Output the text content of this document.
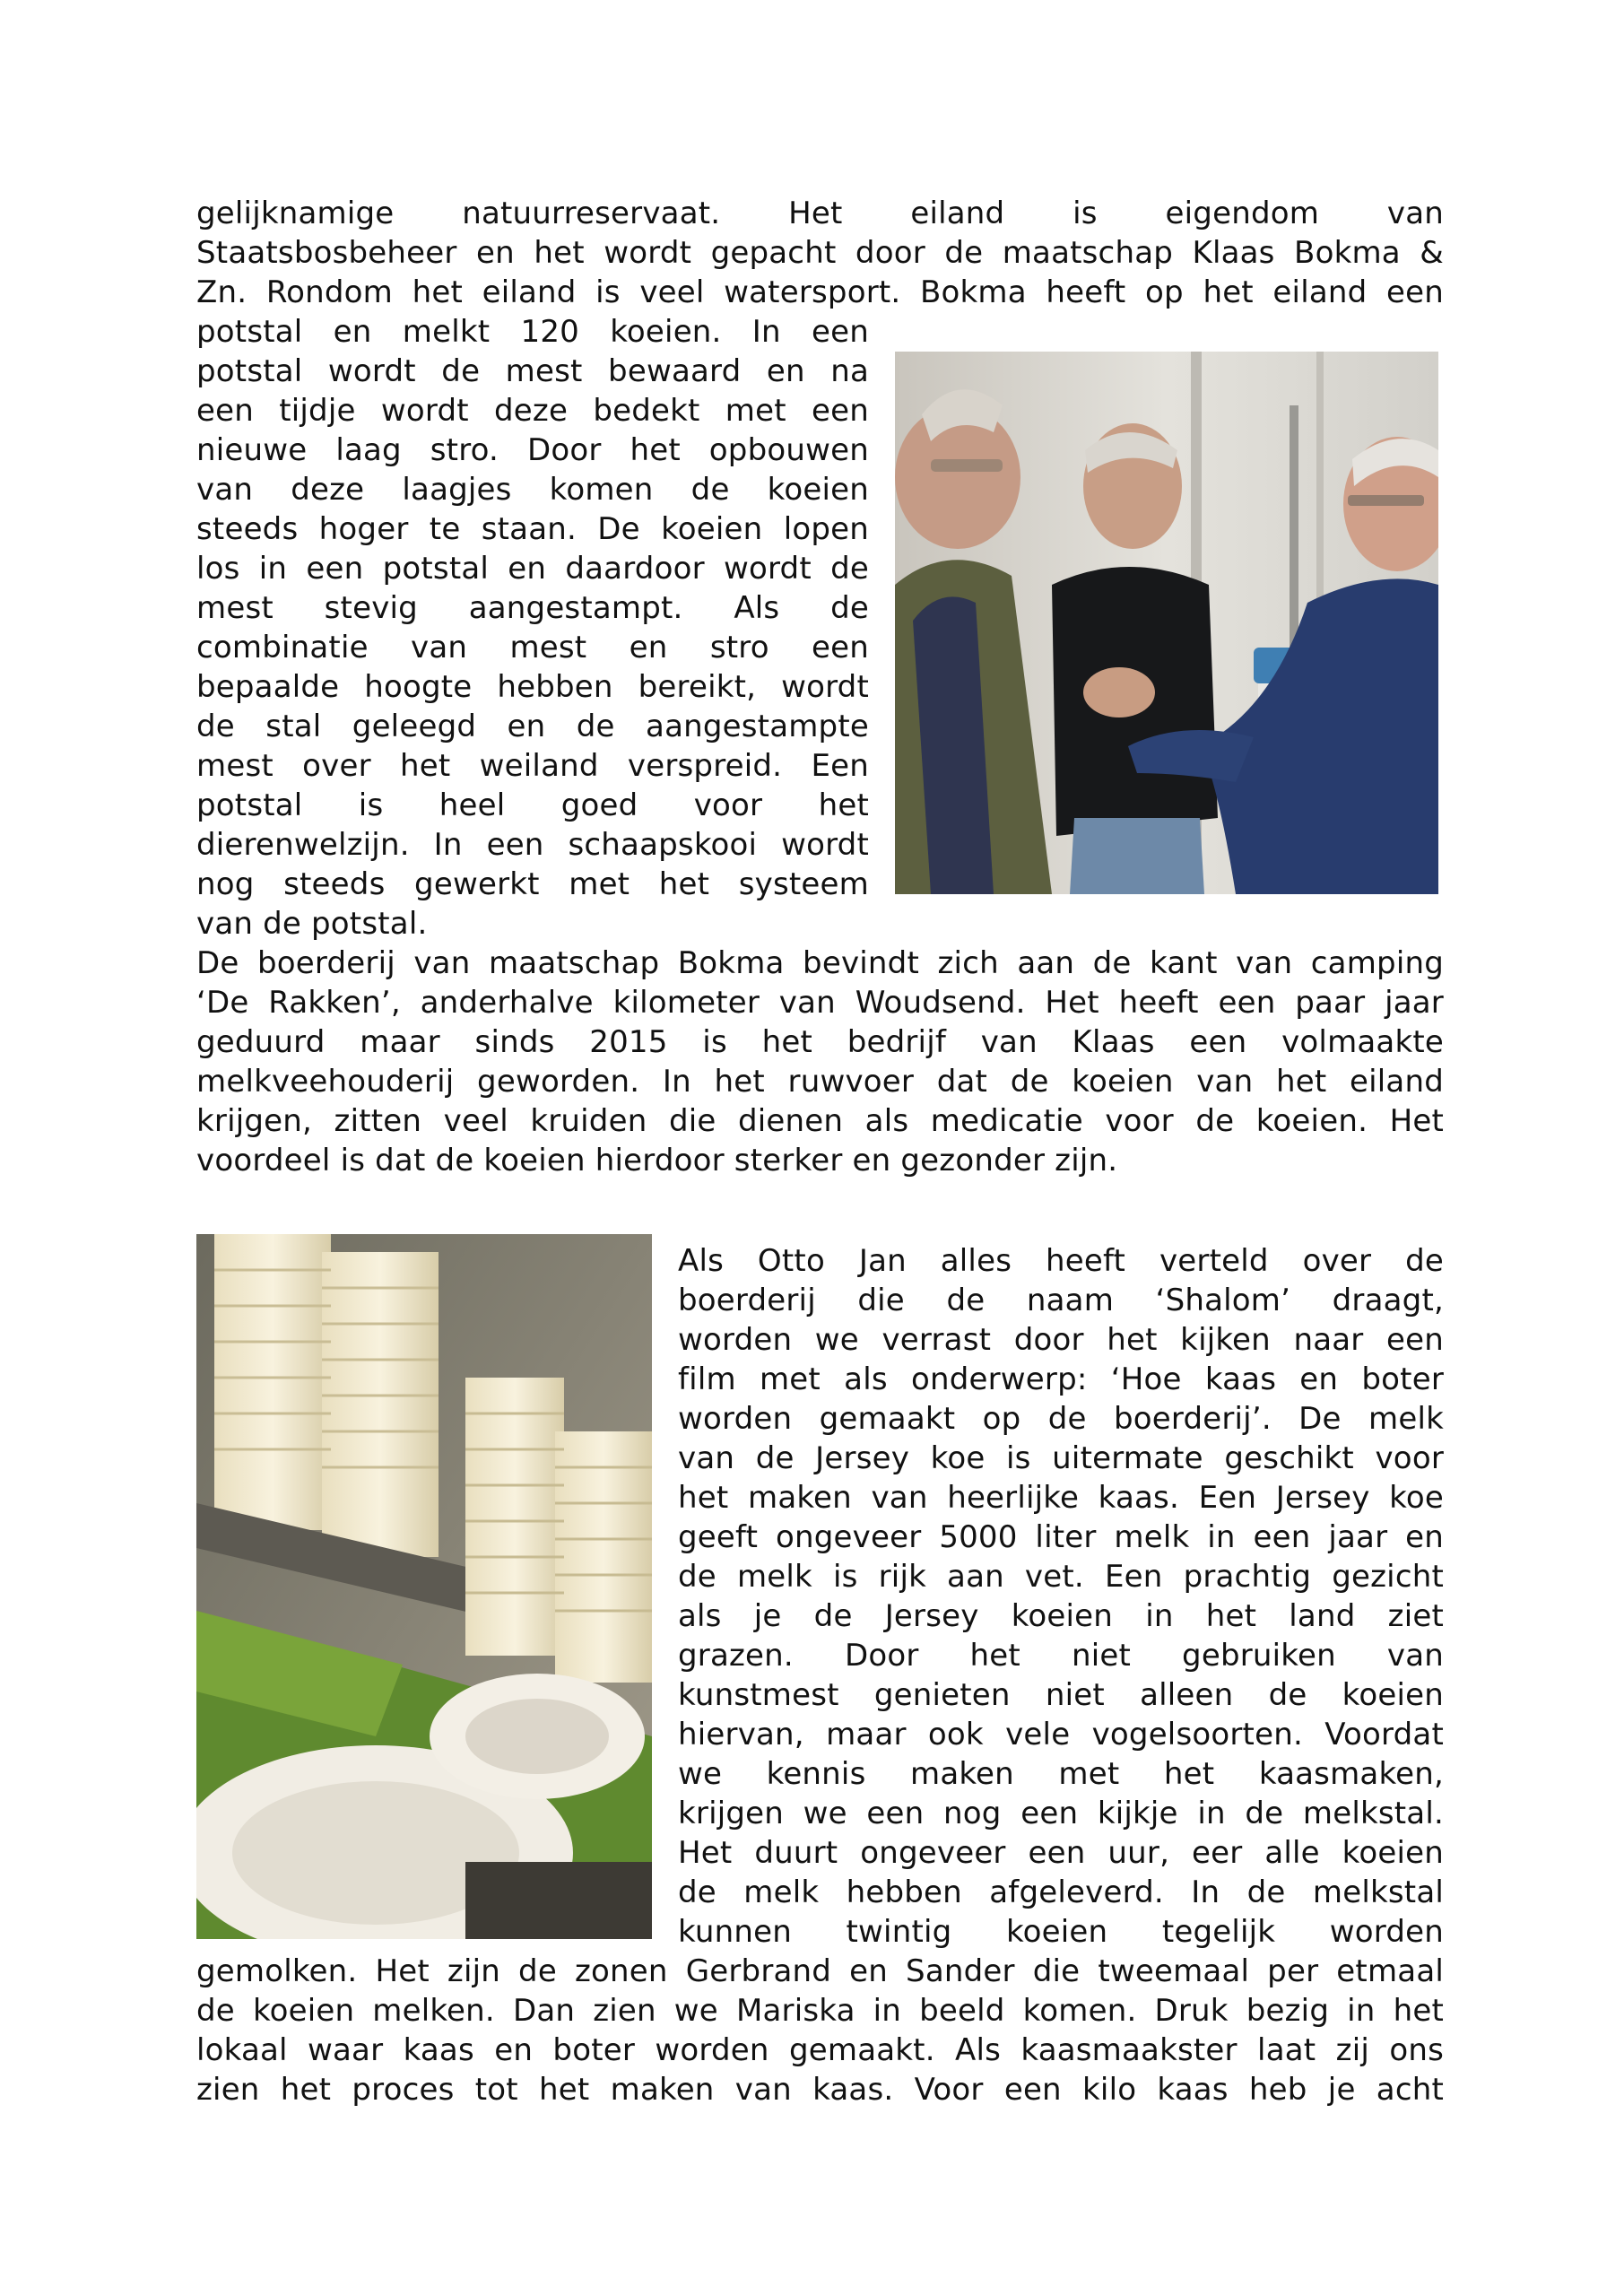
gelijknamige natuurreservaat. Het eiland is eigendom van
Staatsbosbeheer en het wordt gepacht door de maatschap Klaas Bokma &
Zn. Rondom het eiland is veel watersport. Bokma heeft op het eiland een
potstal en melkt 120 koeien. In een
potstal wordt de mest bewaard en na
een tijdje wordt deze bedekt met een
nieuwe laag stro. Door het opbouwen
van deze laagjes komen de koeien
steeds hoger te staan. De koeien lopen
los in een potstal en daardoor wordt de
mest stevig aangestampt. Als de
combinatie van mest en stro een
bepaalde hoogte hebben bereikt, wordt
de stal geleegd en de aangestampte
mest over het weiland verspreid. Een
potstal is heel goed voor het
dierenwelzijn. In een schaapskooi wordt
nog steeds gewerkt met het systeem
van de potstal.
De boerderij van maatschap Bokma bevindt zich aan de kant van camping
‘De Rakken’, anderhalve kilometer van Woudsend. Het heeft een paar jaar
geduurd maar sinds 2015 is het bedrijf van Klaas een volmaakte
melkveehouderij geworden. In het ruwvoer dat de koeien van het eiland
krijgen, zitten veel kruiden die dienen als medicatie voor de koeien. Het
voordeel is dat de koeien hierdoor sterker en gezonder zijn.
Als Otto Jan alles heeft verteld over de
boerderij die de naam ‘Shalom’ draagt,
worden we verrast door het kijken naar een
film met als onderwerp: ‘Hoe kaas en boter
worden gemaakt op de boerderij’. De melk
van de Jersey koe is uitermate geschikt voor
het maken van heerlijke kaas. Een Jersey koe
geeft ongeveer 5000 liter melk in een jaar en
de melk is rijk aan vet. Een prachtig gezicht
als je de Jersey koeien in het land ziet
grazen. Door het niet gebruiken van
kunstmest genieten niet alleen de koeien
hiervan, maar ook vele vogelsoorten. Voordat
we kennis maken met het kaasmaken,
krijgen we een nog een kijkje in de melkstal.
Het duurt ongeveer een uur, eer alle koeien
de melk hebben afgeleverd. In de melkstal
kunnen twintig koeien tegelijk worden
gemolken. Het zijn de zonen Gerbrand en Sander die tweemaal per etmaal
de koeien melken. Dan zien we Mariska in beeld komen. Druk bezig in het
lokaal waar kaas en boter worden gemaakt. Als kaasmaakster laat zij ons
zien het proces tot het maken van kaas. Voor een kilo kaas heb je acht
